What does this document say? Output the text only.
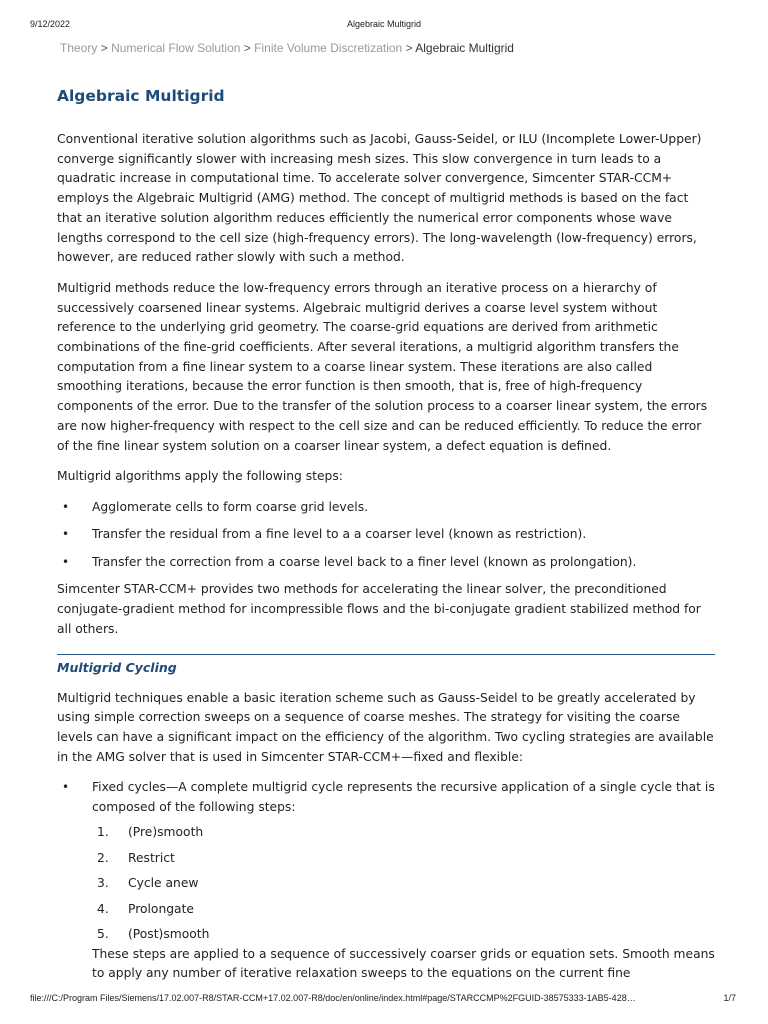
9/12/2022	Algebraic Multigrid
Theory > Numerical Flow Solution > Finite Volume Discretization > Algebraic Multigrid
Algebraic Multigrid

Conventional iterative solution algorithms such as Jacobi, Gauss-Seidel, or ILU (Incomplete Lower-Upper) converge significantly slower with increasing mesh sizes. This slow convergence in turn leads to a quadratic increase in computational time. To accelerate solver convergence, Simcenter STAR-CCM+ employs the Algebraic Multigrid (AMG) method. The concept of multigrid methods is based on the fact that an iterative solution algorithm reduces efficiently the numerical error components whose wave lengths correspond to the cell size (high-frequency errors). The long-wavelength (low-frequency) errors, however, are reduced rather slowly with such a method.

Multigrid methods reduce the low-frequency errors through an iterative process on a hierarchy of successively coarsened linear systems. Algebraic multigrid derives a coarse level system without reference to the underlying grid geometry. The coarse-grid equations are derived from arithmetic combinations of the fine-grid coefficients. After several iterations, a multigrid algorithm transfers the computation from a fine linear system to a coarse linear system. These iterations are also called smoothing iterations, because the error function is then smooth, that is, free of high-frequency components of the error. Due to the transfer of the solution process to a coarser linear system, the errors are now higher-frequency with respect to the cell size and can be reduced efficiently. To reduce the error of the fine linear system solution on a coarser linear system, a defect equation is defined.

Multigrid algorithms apply the following steps:

• Agglomerate cells to form coarse grid levels.
• Transfer the residual from a fine level to a a coarser level (known as restriction).
• Transfer the correction from a coarse level back to a finer level (known as prolongation).

Simcenter STAR-CCM+ provides two methods for accelerating the linear solver, the preconditioned conjugate-gradient method for incompressible flows and the bi-conjugate gradient stabilized method for all others.

Multigrid Cycling

Multigrid techniques enable a basic iteration scheme such as Gauss-Seidel to be greatly accelerated by using simple correction sweeps on a sequence of coarse meshes. The strategy for visiting the coarse levels can have a significant impact on the efficiency of the algorithm. Two cycling strategies are available in the AMG solver that is used in Simcenter STAR-CCM+—fixed and flexible:

• Fixed cycles—A complete multigrid cycle represents the recursive application of a single cycle that is composed of the following steps:
1. (Pre)smooth
2. Restrict
3. Cycle anew
4. Prolongate
5. (Post)smooth
These steps are applied to a sequence of successively coarser grids or equation sets. Smooth means to apply any number of iterative relaxation sweeps to the equations on the current fine
file:///C:/Program Files/Siemens/17.02.007-R8/STAR-CCM+17.02.007-R8/doc/en/online/index.html#page/STARCCMP%2FGUID-38575333-1AB5-428…	1/7
